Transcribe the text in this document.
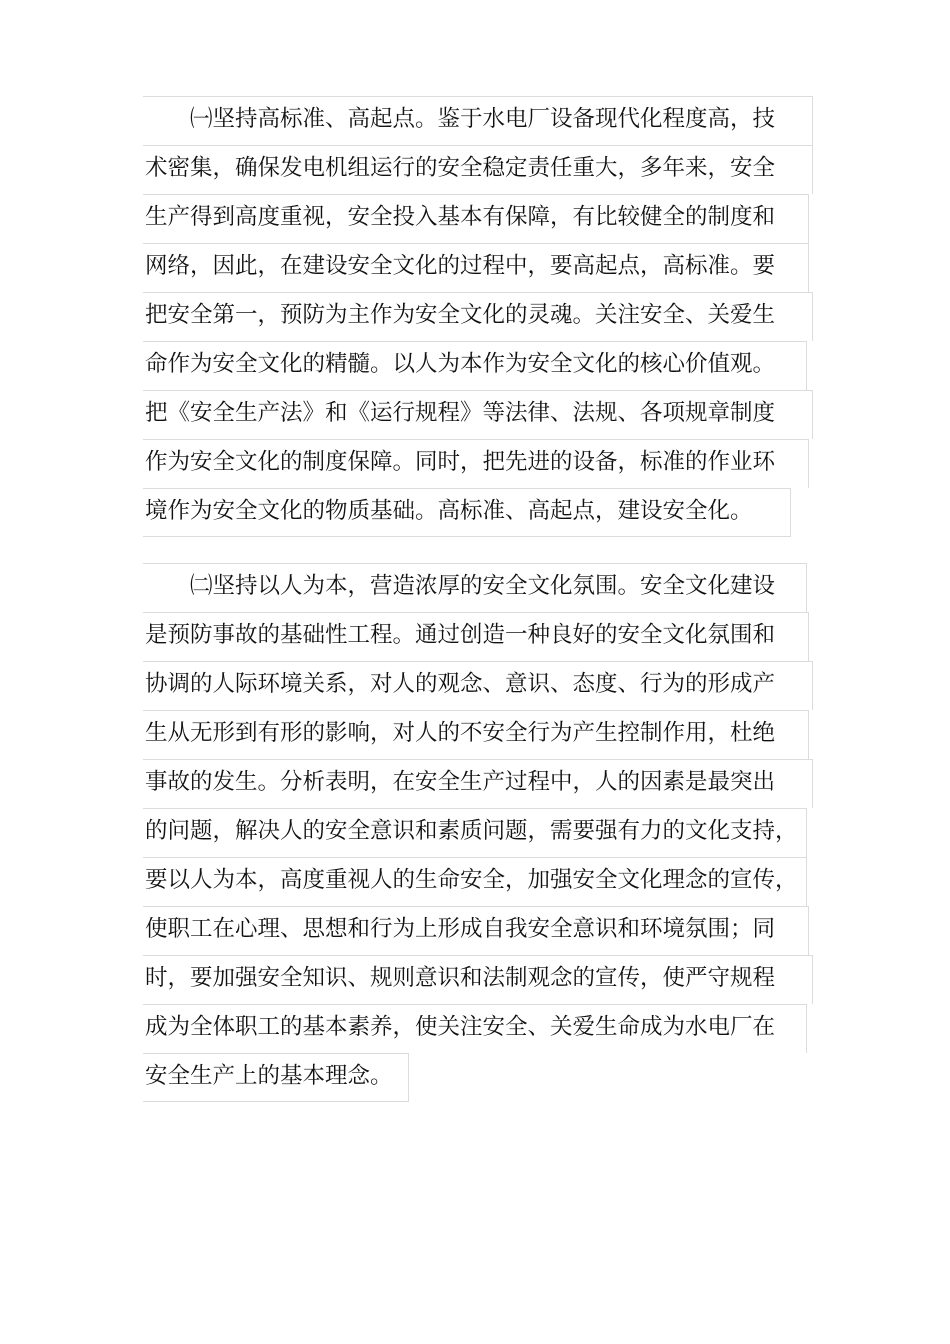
㈠坚持高标准、高起点。鉴于水电厂设备现代化程度高，技
术密集，确保发电机组运行的安全稳定责任重大，多年来，安全
生产得到高度重视，安全投入基本有保障，有比较健全的制度和
网络，因此，在建设安全文化的过程中，要高起点，高标准。要
把安全第一，预防为主作为安全文化的灵魂。关注安全、关爱生
命作为安全文化的精髓。以人为本作为安全文化的核心价值观。
把《安全生产法》和《运行规程》等法律、法规、各项规章制度
作为安全文化的制度保障。同时，把先进的设备，标准的作业环
境作为安全文化的物质基础。高标准、高起点，建设安全化。
㈡坚持以人为本，营造浓厚的安全文化氛围。安全文化建设
是预防事故的基础性工程。通过创造一种良好的安全文化氛围和
协调的人际环境关系，对人的观念、意识、态度、行为的形成产
生从无形到有形的影响，对人的不安全行为产生控制作用，杜绝
事故的发生。分析表明，在安全生产过程中，人的因素是最突出
的问题，解决人的安全意识和素质问题，需要强有力的文化支持，
要以人为本，高度重视人的生命安全，加强安全文化理念的宣传，
使职工在心理、思想和行为上形成自我安全意识和环境氛围；同
时，要加强安全知识、规则意识和法制观念的宣传，使严守规程
成为全体职工的基本素养，使关注安全、关爱生命成为水电厂在
安全生产上的基本理念。
